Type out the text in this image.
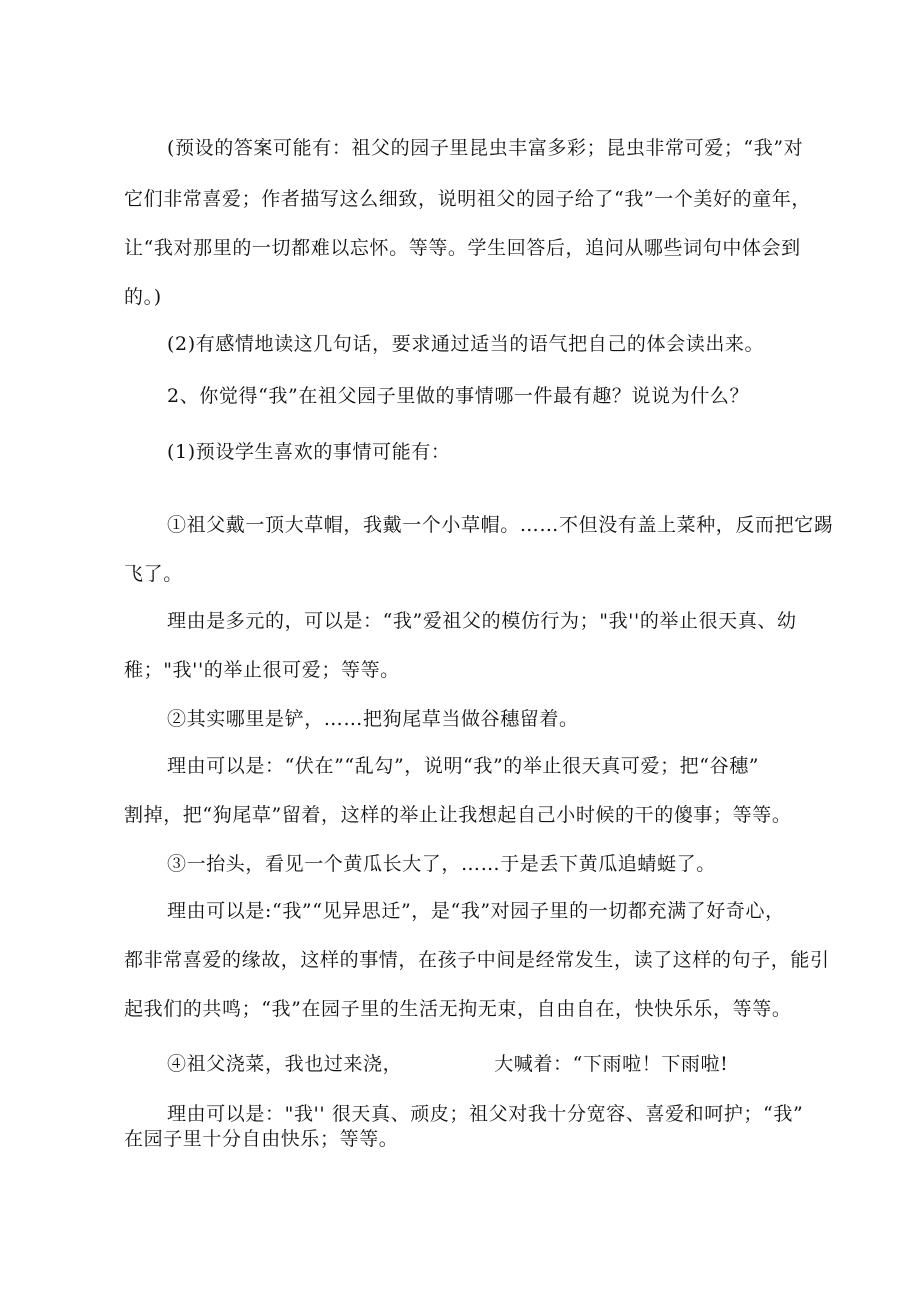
(预设的答案可能有：祖父的园子里昆虫丰富多彩；昆虫非常可爱；“我”对
它们非常喜爱；作者描写这么细致，说明祖父的园子给了“我”一个美好的童年，
让“我对那里的一切都难以忘怀。等等。学生回答后，追问从哪些词句中体会到
的。)
(2)有感情地读这几句话，要求通过适当的语气把自己的体会读出来。
2、你觉得“我”在祖父园子里做的事情哪一件最有趣？说说为什么？
(1)预设学生喜欢的事情可能有：
①祖父戴一顶大草帽，我戴一个小草帽。……不但没有盖上菜种，反而把它踢
飞了。
理由是多元的，可以是：“我”爱祖父的模仿行为；"我''的举止很天真、幼
稚；"我''的举止很可爱；等等。
②其实哪里是铲，……把狗尾草当做谷穗留着。
理由可以是：“伏在”“乱勾”，说明“我”的举止很天真可爱；把“谷穗”
割掉，把“狗尾草”留着，这样的举止让我想起自己小时候的干的傻事；等等。
③一抬头，看见一个黄瓜长大了，……于是丢下黄瓜追蜻蜓了。
理由可以是:“我”“见异思迁”，是“我”对园子里的一切都充满了好奇心，
都非常喜爱的缘故，这样的事情，在孩子中间是经常发生，读了这样的句子，能引
起我们的共鸣；“我”在园子里的生活无拘无束，自由自在，快快乐乐，等等。
④祖父浇菜，我也过来浇，	大喊着：“下雨啦！下雨啦!
理由可以是："我'' 很天真、顽皮；祖父对我十分宽容、喜爱和呵护；“我”
在园子里十分自由快乐；等等。
